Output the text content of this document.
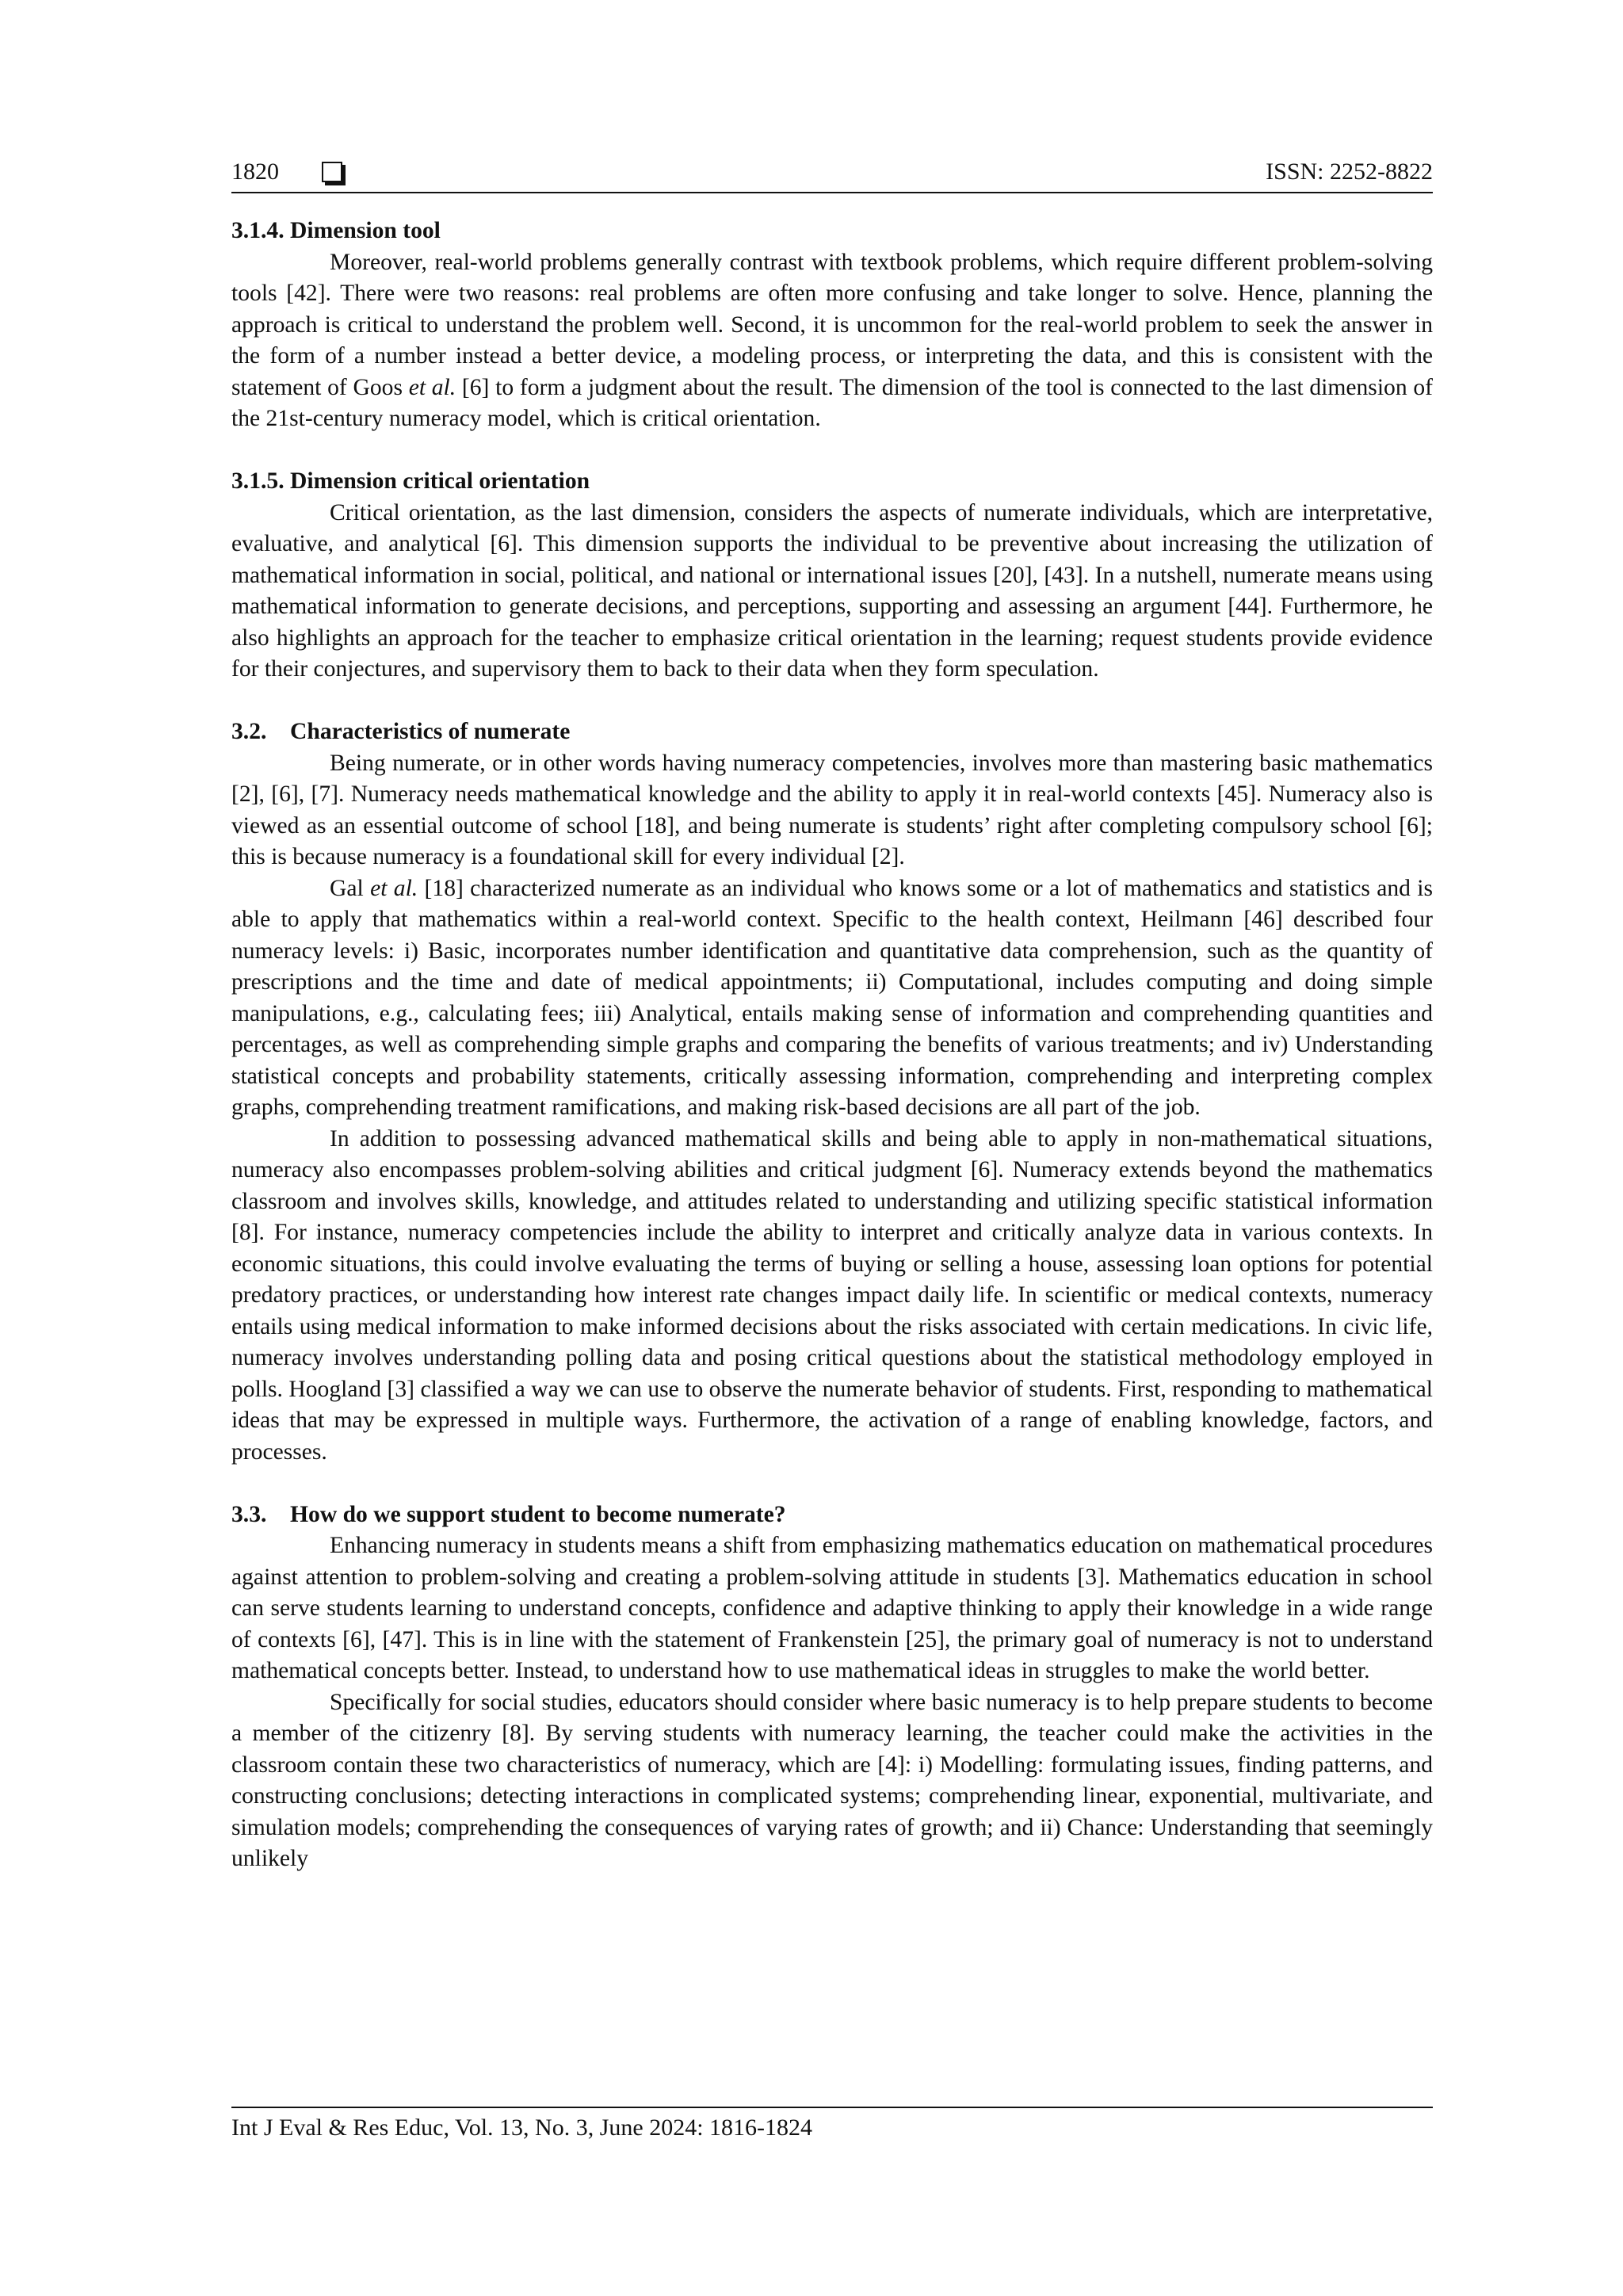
1820	ISSN: 2252-8822
3.1.4. Dimension tool

Moreover, real-world problems generally contrast with textbook problems, which require different problem-solving tools [42]. There were two reasons: real problems are often more confusing and take longer to solve. Hence, planning the approach is critical to understand the problem well. Second, it is uncommon for the real-world problem to seek the answer in the form of a number instead a better device, a modeling process, or interpreting the data, and this is consistent with the statement of Goos et al. [6] to form a judgment about the result. The dimension of the tool is connected to the last dimension of the 21st-century numeracy model, which is critical orientation.

3.1.5. Dimension critical orientation

Critical orientation, as the last dimension, considers the aspects of numerate individuals, which are interpretative, evaluative, and analytical [6]. This dimension supports the individual to be preventive about increasing the utilization of mathematical information in social, political, and national or international issues [20], [43]. In a nutshell, numerate means using mathematical information to generate decisions, and perceptions, supporting and assessing an argument [44]. Furthermore, he also highlights an approach for the teacher to emphasize critical orientation in the learning; request students provide evidence for their conjectures, and supervisory them to back to their data when they form speculation.

3.2. Characteristics of numerate

Being numerate, or in other words having numeracy competencies, involves more than mastering basic mathematics [2], [6], [7]. Numeracy needs mathematical knowledge and the ability to apply it in real-world contexts [45]. Numeracy also is viewed as an essential outcome of school [18], and being numerate is students’ right after completing compulsory school [6]; this is because numeracy is a foundational skill for every individual [2].

Gal et al. [18] characterized numerate as an individual who knows some or a lot of mathematics and statistics and is able to apply that mathematics within a real-world context. Specific to the health context, Heilmann [46] described four numeracy levels: i) Basic, incorporates number identification and quantitative data comprehension, such as the quantity of prescriptions and the time and date of medical appointments; ii) Computational, includes computing and doing simple manipulations, e.g., calculating fees; iii) Analytical, entails making sense of information and comprehending quantities and percentages, as well as comprehending simple graphs and comparing the benefits of various treatments; and iv) Understanding statistical concepts and probability statements, critically assessing information, comprehending and interpreting complex graphs, comprehending treatment ramifications, and making risk-based decisions are all part of the job.

In addition to possessing advanced mathematical skills and being able to apply in non-mathematical situations, numeracy also encompasses problem-solving abilities and critical judgment [6]. Numeracy extends beyond the mathematics classroom and involves skills, knowledge, and attitudes related to understanding and utilizing specific statistical information [8]. For instance, numeracy competencies include the ability to interpret and critically analyze data in various contexts. In economic situations, this could involve evaluating the terms of buying or selling a house, assessing loan options for potential predatory practices, or understanding how interest rate changes impact daily life. In scientific or medical contexts, numeracy entails using medical information to make informed decisions about the risks associated with certain medications. In civic life, numeracy involves understanding polling data and posing critical questions about the statistical methodology employed in polls. Hoogland [3] classified a way we can use to observe the numerate behavior of students. First, responding to mathematical ideas that may be expressed in multiple ways. Furthermore, the activation of a range of enabling knowledge, factors, and processes.

3.3. How do we support student to become numerate?

Enhancing numeracy in students means a shift from emphasizing mathematics education on mathematical procedures against attention to problem-solving and creating a problem-solving attitude in students [3]. Mathematics education in school can serve students learning to understand concepts, confidence and adaptive thinking to apply their knowledge in a wide range of contexts [6], [47]. This is in line with the statement of Frankenstein [25], the primary goal of numeracy is not to understand mathematical concepts better. Instead, to understand how to use mathematical ideas in struggles to make the world better.

Specifically for social studies, educators should consider where basic numeracy is to help prepare students to become a member of the citizenry [8]. By serving students with numeracy learning, the teacher could make the activities in the classroom contain these two characteristics of numeracy, which are [4]: i) Modelling: formulating issues, finding patterns, and constructing conclusions; detecting interactions in complicated systems; comprehending linear, exponential, multivariate, and simulation models; comprehending the consequences of varying rates of growth; and ii) Chance: Understanding that seemingly unlikely

Int J Eval & Res Educ, Vol. 13, No. 3, June 2024: 1816-1824
